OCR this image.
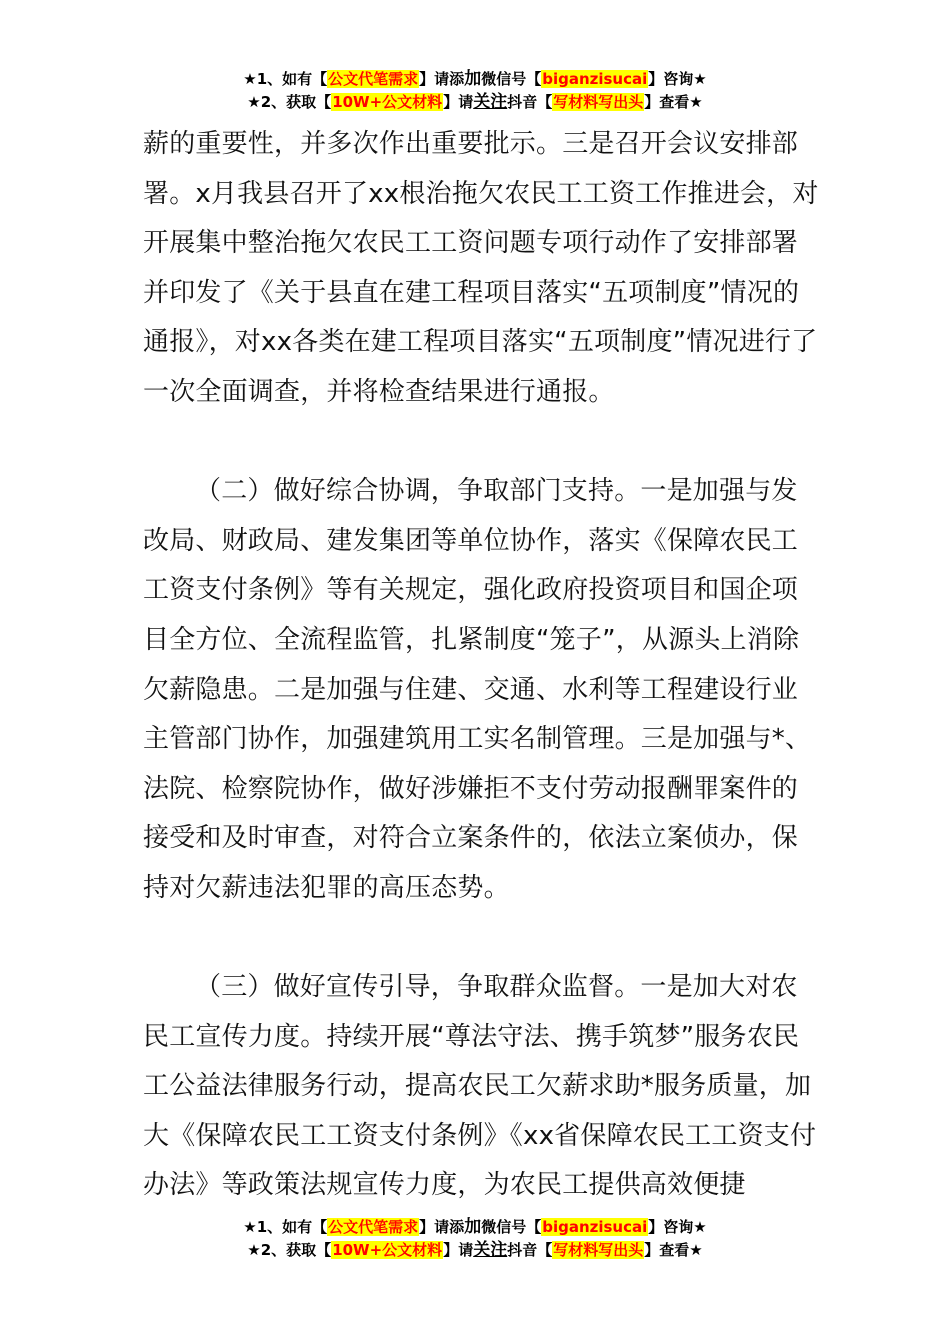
★1、如有【公文代笔需求】请添加微信号【biganzisucai】咨询★
★2、获取【10W+公文材料】请关注抖音【写材料写出头】查看★

薪的重要性，并多次作出重要批示。三是召开会议安排部署。x月我县召开了xx根治拖欠农民工工资工作推进会，对开展集中整治拖欠农民工工资问题专项行动作了安排部署并印发了《关于县直在建工程项目落实“五项制度”情况的通报》，对xx各类在建工程项目落实“五项制度”情况进行了一次全面调查，并将检查结果进行通报。

（二）做好综合协调，争取部门支持。一是加强与发改局、财政局、建发集团等单位协作，落实《保障农民工工资支付条例》等有关规定，强化政府投资项目和国企项目全方位、全流程监管，扎紧制度“笼子”，从源头上消除欠薪隐患。二是加强与住建、交通、水利等工程建设行业主管部门协作，加强建筑用工实名制管理。三是加强与*、法院、检察院协作，做好涉嫌拒不支付劳动报酬罪案件的接受和及时审查，对符合立案条件的，依法立案侦办，保持对欠薪违法犯罪的高压态势。

（三）做好宣传引导，争取群众监督。一是加大对农民工宣传力度。持续开展“尊法守法、携手筑梦”服务农民工公益法律服务行动，提高农民工欠薪求助*服务质量，加大《保障农民工工资支付条例》《xx省保障农民工工资支付办法》等政策法规宣传力度，为农民工提供高效便捷

★1、如有【公文代笔需求】请添加微信号【biganzisucai】咨询★
★2、获取【10W+公文材料】请关注抖音【写材料写出头】查看★
